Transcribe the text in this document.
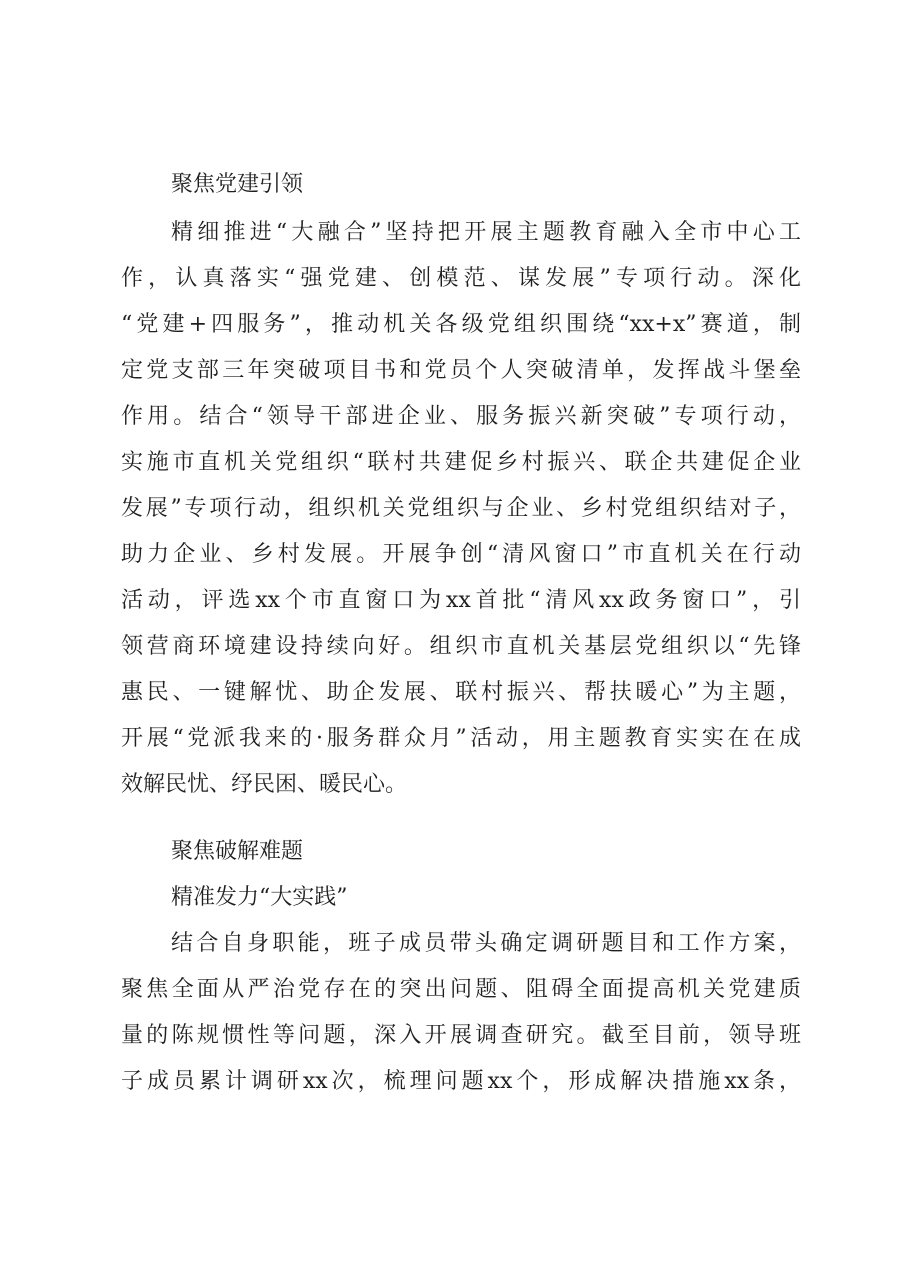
聚焦党建引领
精细推进“大融合”坚持把开展主题教育融入全市中心工
作，认真落实“强党建、创模范、谋发展”专项行动。深化
“党建+四服务”，推动机关各级党组织围绕“xx+x”赛道，制
定党支部三年突破项目书和党员个人突破清单，发挥战斗堡垒
作用。结合“领导干部进企业、服务振兴新突破”专项行动，
实施市直机关党组织“联村共建促乡村振兴、联企共建促企业
发展”专项行动，组织机关党组织与企业、乡村党组织结对子，
助力企业、乡村发展。开展争创“清风窗口”市直机关在行动
活动，评选xx个市直窗口为xx首批“清风xx政务窗口”，引
领营商环境建设持续向好。组织市直机关基层党组织以“先锋
惠民、一键解忧、助企发展、联村振兴、帮扶暖心”为主题，
开展“党派我来的·服务群众月”活动，用主题教育实实在在成
效解民忧、纾民困、暖民心。
聚焦破解难题
精准发力“大实践”
结合自身职能，班子成员带头确定调研题目和工作方案，
聚焦全面从严治党存在的突出问题、阻碍全面提高机关党建质
量的陈规惯性等问题，深入开展调查研究。截至目前，领导班
子成员累计调研xx次，梳理问题xx个，形成解决措施xx条，
